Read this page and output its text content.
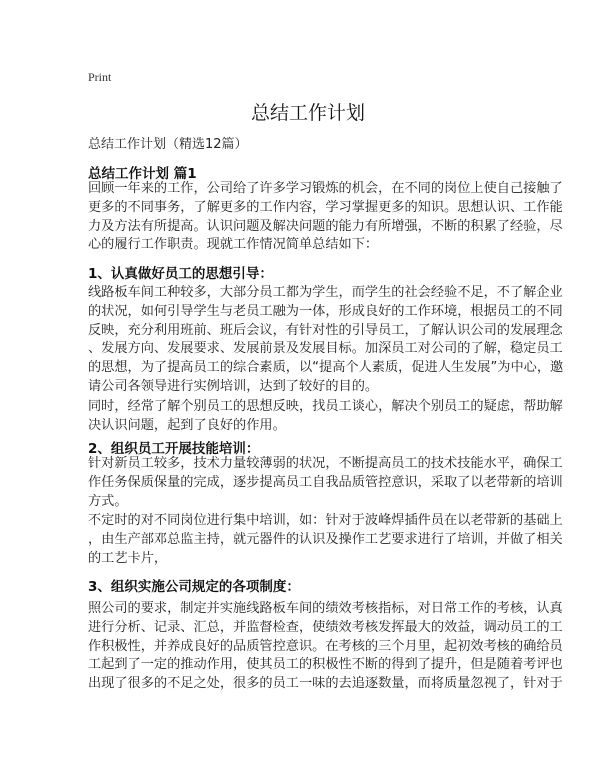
Print
总结工作计划
总结工作计划（精选12篇）
总结工作计划 篇1
回顾一年来的工作，公司给了许多学习锻炼的机会，在不同的岗位上使自己接触了
更多的不同事务，了解更多的工作内容，学习掌握更多的知识。思想认识、工作能
力及方法有所提高。认识问题及解决问题的能力有所增强，不断的积累了经验，尽
心的履行工作职责。现就工作情况简单总结如下：
1、认真做好员工的思想引导：
线路板车间工种较多，大部分员工都为学生，而学生的社会经验不足，不了解企业
的状况，如何引导学生与老员工融为一体，形成良好的工作环境，根据员工的不同
反映，充分利用班前、班后会议，有针对性的引导员工，了解认识公司的发展理念
、发展方向、发展要求、发展前景及发展目标。加深员工对公司的了解，稳定员工
的思想，为了提高员工的综合素质，以“提高个人素质，促进人生发展”为中心，邀
请公司各领导进行实例培训，达到了较好的目的。
同时，经常了解个别员工的思想反映，找员工谈心，解决个别员工的疑虑，帮助解
决认识问题，起到了良好的作用。
2、组织员工开展技能培训：
针对新员工较多，技术力量较薄弱的状况，不断提高员工的技术技能水平，确保工
作任务保质保量的完成，逐步提高员工自我品质管控意识，采取了以老带新的培训
方式。
不定时的对不同岗位进行集中培训，如：针对于波峰焊插件员在以老带新的基础上
，由生产部邓总监主持，就元器件的认识及操作工艺要求进行了培训，并做了相关
的工艺卡片，
3、组织实施公司规定的各项制度：
照公司的要求，制定并实施线路板车间的绩效考核指标，对日常工作的考核，认真
进行分析、记录、汇总，并监督检查，使绩效考核发挥最大的效益，调动员工的工
作积极性，并养成良好的品质管控意识。在考核的三个月里，起初效考核的确给员
工起到了一定的推动作用，使其员工的积极性不断的得到了提升，但是随着考评也
出现了很多的不足之处，很多的员工一味的去追逐数量，而将质量忽视了，针对于
